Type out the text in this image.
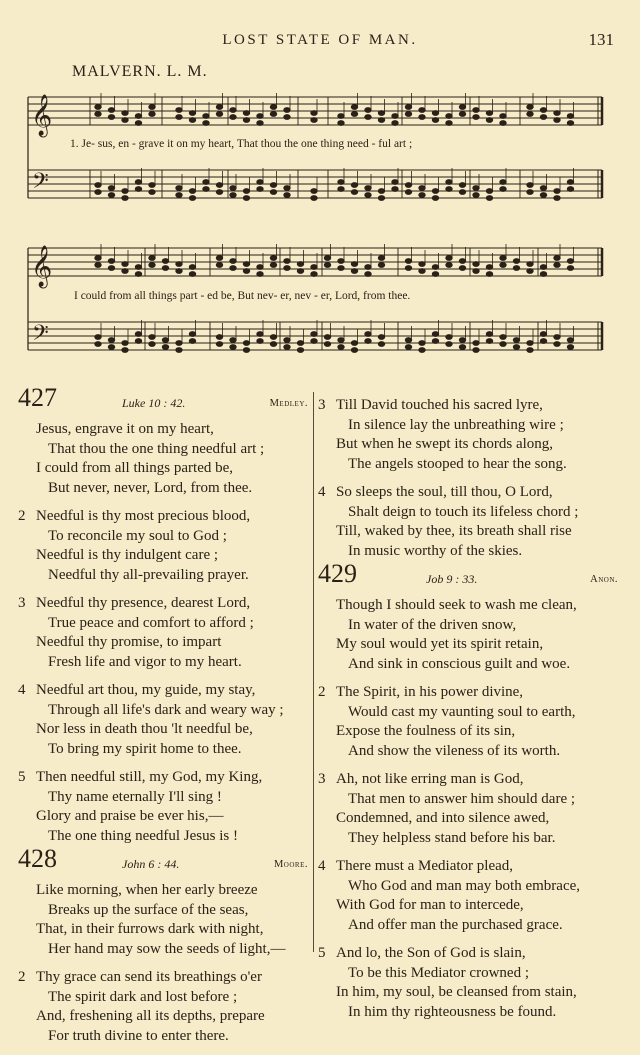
LOST STATE OF MAN.	131
MALVERN. L. M.
𝄞
𝄢
𝄞
𝄢
1. Je- sus, en - grave it on my heart, That thou the one thing need - ful art ;
I could from all things part - ed be, But nev- er, nev - er, Lord, from thee.
427	Luke 10 : 42.	Medley.
Jesus, engrave it on my heart,
That thou the one thing needful art ;
I could from all things parted be,
But never, never, Lord, from thee.
2 Needful is thy most precious blood,
To reconcile my soul to God ;
Needful is thy indulgent care ;
Needful thy all-prevailing prayer.
3 Needful thy presence, dearest Lord,
True peace and comfort to afford ;
Needful thy promise, to impart
Fresh life and vigor to my heart.
4 Needful art thou, my guide, my stay,
Through all life's dark and weary way ;
Nor less in death thou 'lt needful be,
To bring my spirit home to thee.
5 Then needful still, my God, my King,
Thy name eternally I'll sing !
Glory and praise be ever his,—
The one thing needful Jesus is !
428	John 6 : 44.	Moore.
Like morning, when her early breeze
Breaks up the surface of the seas,
That, in their furrows dark with night,
Her hand may sow the seeds of light,—
2 Thy grace can send its breathings o'er
The spirit dark and lost before ;
And, freshening all its depths, prepare
For truth divine to enter there.
3 Till David touched his sacred lyre,
In silence lay the unbreathing wire ;
But when he swept its chords along,
The angels stooped to hear the song.
4 So sleeps the soul, till thou, O Lord,
Shalt deign to touch its lifeless chord ;
Till, waked by thee, its breath shall rise
In music worthy of the skies.
429	Job 9 : 33.	Anon.
Though I should seek to wash me clean,
In water of the driven snow,
My soul would yet its spirit retain,
And sink in conscious guilt and woe.
2 The Spirit, in his power divine,
Would cast my vaunting soul to earth,
Expose the foulness of its sin,
And show the vileness of its worth.
3 Ah, not like erring man is God,
That men to answer him should dare ;
Condemned, and into silence awed,
They helpless stand before his bar.
4 There must a Mediator plead,
Who God and man may both embrace,
With God for man to intercede,
And offer man the purchased grace.
5 And lo, the Son of God is slain,
To be this Mediator crowned ;
In him, my soul, be cleansed from stain,
In him thy righteousness be found.
